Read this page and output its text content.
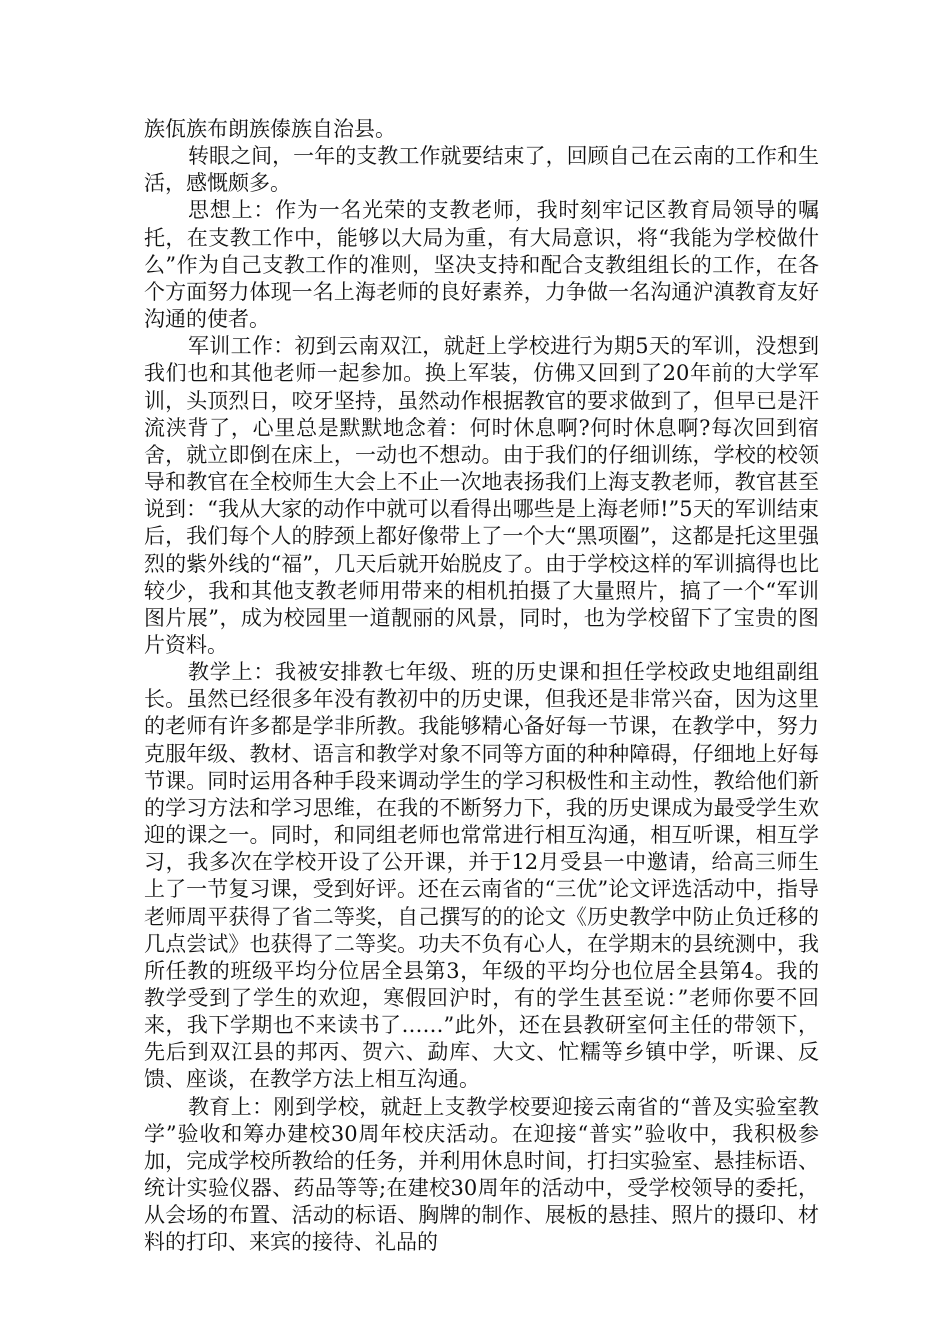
族佤族布朗族傣族自治县。

转眼之间，一年的支教工作就要结束了，回顾自己在云南的工作和生活，感慨颇多。

思想上：作为一名光荣的支教老师，我时刻牢记区教育局领导的嘱托，在支教工作中，能够以大局为重，有大局意识，将“我能为学校做什么”作为自己支教工作的准则，坚决支持和配合支教组组长的工作，在各个方面努力体现一名上海老师的良好素养，力争做一名沟通沪滇教育友好沟通的使者。

军训工作：初到云南双江，就赶上学校进行为期5天的军训，没想到我们也和其他老师一起参加。换上军装，仿佛又回到了20年前的大学军训，头顶烈日，咬牙坚持，虽然动作根据教官的要求做到了，但早已是汗流浃背了，心里总是默默地念着：何时休息啊?何时休息啊?每次回到宿舍，就立即倒在床上，一动也不想动。由于我们的仔细训练，学校的校领导和教官在全校师生大会上不止一次地表扬我们上海支教老师，教官甚至说到：“我从大家的动作中就可以看得出哪些是上海老师!”5天的军训结束后，我们每个人的脖颈上都好像带上了一个大“黑项圈”，这都是托这里强烈的紫外线的“福”，几天后就开始脱皮了。由于学校这样的军训搞得也比较少，我和其他支教老师用带来的相机拍摄了大量照片，搞了一个“军训图片展”，成为校园里一道靓丽的风景，同时，也为学校留下了宝贵的图片资料。

教学上：我被安排教七年级、班的历史课和担任学校政史地组副组长。虽然已经很多年没有教初中的历史课，但我还是非常兴奋，因为这里的老师有许多都是学非所教。我能够精心备好每一节课，在教学中，努力克服年级、教材、语言和教学对象不同等方面的种种障碍，仔细地上好每节课。同时运用各种手段来调动学生的学习积极性和主动性，教给他们新的学习方法和学习思维，在我的不断努力下，我的历史课成为最受学生欢迎的课之一。同时，和同组老师也常常进行相互沟通，相互听课，相互学习，我多次在学校开设了公开课，并于12月受县一中邀请，给高三师生上了一节复习课，受到好评。还在云南省的“三优”论文评选活动中，指导老师周平获得了省二等奖，自己撰写的的论文《历史教学中防止负迁移的几点尝试》也获得了二等奖。功夫不负有心人，在学期末的县统测中，我所任教的班级平均分位居全县第3，年级的平均分也位居全县第4。我的教学受到了学生的欢迎，寒假回沪时，有的学生甚至说：”老师你要不回来，我下学期也不来读书了……”此外，还在县教研室何主任的带领下，先后到双江县的邦丙、贺六、勐库、大文、忙糯等乡镇中学，听课、反馈、座谈，在教学方法上相互沟通。

教育上：刚到学校，就赶上支教学校要迎接云南省的“普及实验室教学”验收和筹办建校30周年校庆活动。在迎接“普实”验收中，我积极参加，完成学校所教给的任务，并利用休息时间，打扫实验室、悬挂标语、统计实验仪器、药品等等;在建校30周年的活动中，受学校领导的委托，从会场的布置、活动的标语、胸牌的制作、展板的悬挂、照片的摄印、材料的打印、来宾的接待、礼品的
